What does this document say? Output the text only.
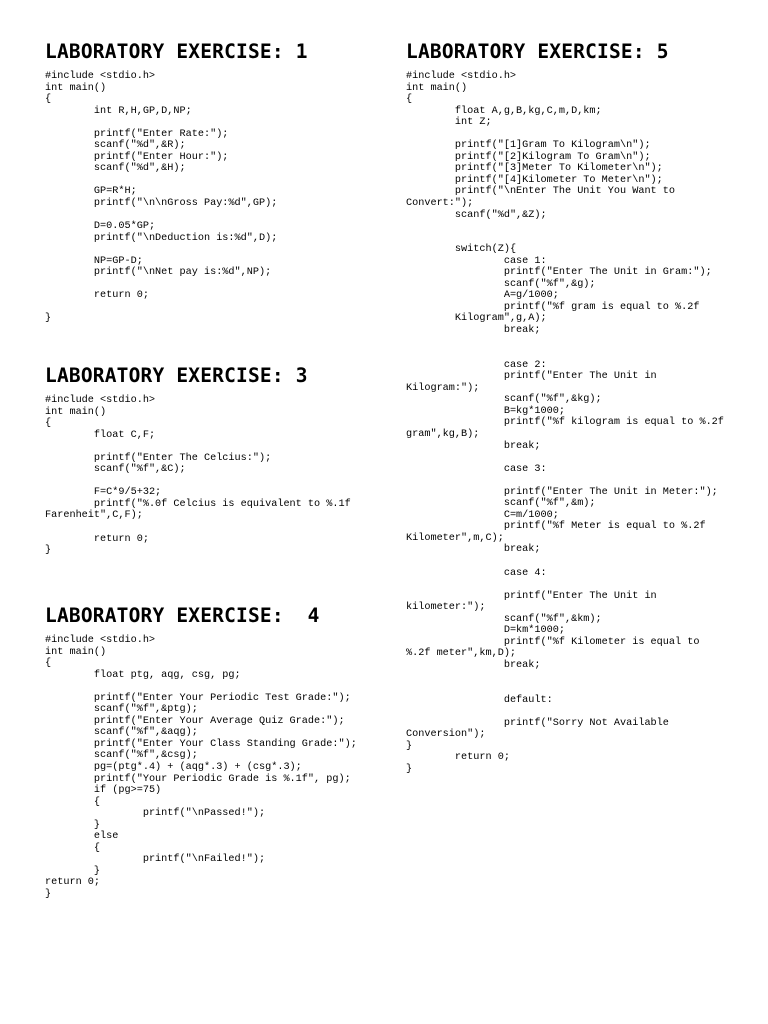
LABORATORY EXERCISE: 1
#include <stdio.h>
int main()
{
	int R,H,GP,D,NP;

	printf("Enter Rate:");
	scanf("%d",&R);
	printf("Enter Hour:");
	scanf("%d",&H);

	GP=R*H;
	printf("\n\nGross Pay:%d",GP);

	D=0.05*GP;
	printf("\nDeduction is:%d",D);

	NP=GP-D;
	printf("\nNet pay is:%d",NP);

	return 0;

}
LABORATORY EXERCISE: 3
#include <stdio.h>
int main()
{
	float C,F;

	printf("Enter The Celcius:");
	scanf("%f",&C);

	F=C*9/5+32;
	printf("%.0f Celcius is equivalent to %.1f
Farenheit",C,F);

	return 0;
}
LABORATORY EXERCISE:  4
#include <stdio.h>
int main()
{
	float ptg, aqg, csg, pg;

	printf("Enter Your Periodic Test Grade:");
	scanf("%f",&ptg);
	printf("Enter Your Average Quiz Grade:");
	scanf("%f",&aqg);
	printf("Enter Your Class Standing Grade:");
	scanf("%f",&csg);
	pg=(ptg*.4) + (aqg*.3) + (csg*.3);
	printf("Your Periodic Grade is %.1f", pg);
	if (pg>=75)
	{
		printf("\nPassed!");
	}
	else
	{
		printf("\nFailed!");
	}
return 0;
}
LABORATORY EXERCISE: 5
#include <stdio.h>
int main()
{
	float A,g,B,kg,C,m,D,km;
	int Z;

	printf("[1]Gram To Kilogram\n");
	printf("[2]Kilogram To Gram\n");
	printf("[3]Meter To Kilometer\n");
	printf("[4]Kilometer To Meter\n");
	printf("\nEnter The Unit You Want to
Convert:");
	scanf("%d",&Z);

	switch(Z){
		case 1:
		printf("Enter The Unit in Gram:");
		scanf("%f",&g);
		A=g/1000;
		printf("%f gram is equal to %.2f
	Kilogram",g,A);
		break;

		case 2:
		printf("Enter The Unit in
Kilogram:");
		scanf("%f",&kg);
		B=kg*1000;
		printf("%f kilogram is equal to %.2f
gram",kg,B);
		break;

		case 3:

		printf("Enter The Unit in Meter:");
		scanf("%f",&m);
		C=m/1000;
		printf("%f Meter is equal to %.2f
Kilometer",m,C);
		break;

		case 4:

		printf("Enter The Unit in
kilometer:");
		scanf("%f",&km);
		D=km*1000;
		printf("%f Kilometer is equal to
%.2f meter",km,D);
		break;

		default:

		printf("Sorry Not Available
Conversion");
}
	return 0;
}
